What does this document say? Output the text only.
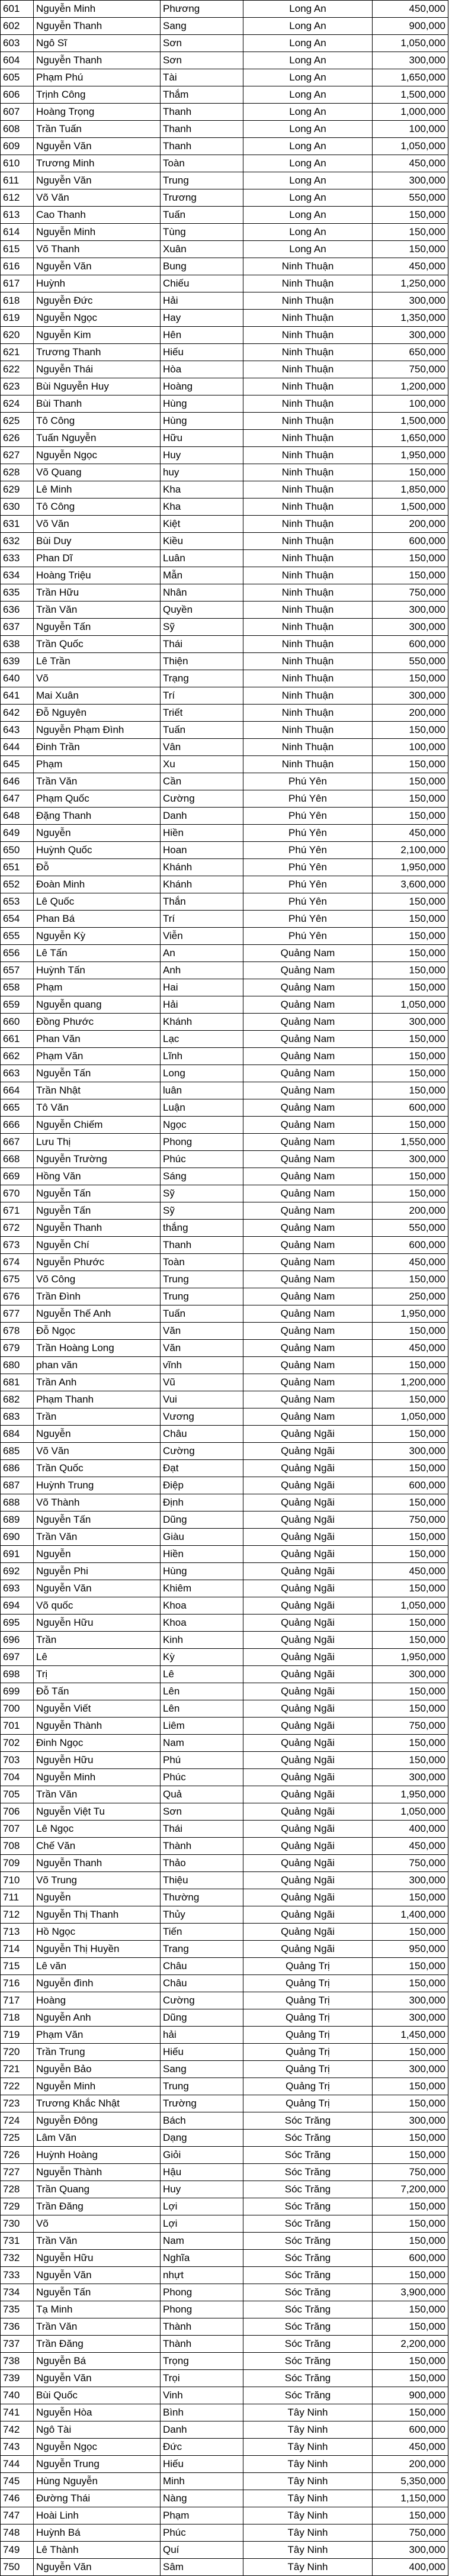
601	Nguyễn Minh	Phương	Long An	450,000
602	Nguyễn Thanh	Sang	Long An	900,000
603	Ngô Sĩ	Sơn	Long An	1,050,000
604	Nguyễn Thanh	Sơn	Long An	300,000
605	Phạm Phú	Tài	Long An	1,650,000
606	Trịnh Công	Thắm	Long An	1,500,000
607	Hoàng Trọng	Thanh	Long An	1,000,000
608	Trần Tuấn	Thanh	Long An	100,000
609	Nguyễn Văn	Thanh	Long An	1,050,000
610	Trương Minh	Toàn	Long An	450,000
611	Nguyễn Văn	Trung	Long An	300,000
612	Võ Văn	Trương	Long An	550,000
613	Cao Thanh	Tuấn	Long An	150,000
614	Nguyễn Minh	Tùng	Long An	150,000
615	Võ Thanh	Xuân	Long An	150,000
616	Nguyễn Văn	Bung	Ninh Thuận	450,000
617	Huỳnh	Chiếu	Ninh Thuận	1,250,000
618	Nguyễn Đức	Hải	Ninh Thuận	300,000
619	Nguyễn Ngọc	Hay	Ninh Thuận	1,350,000
620	Nguyễn Kim	Hên	Ninh Thuận	300,000
621	Trương Thanh	Hiếu	Ninh Thuận	650,000
622	Nguyễn Thái	Hòa	Ninh Thuận	750,000
623	Bùi Nguyễn Huy	Hoàng	Ninh Thuận	1,200,000
624	Bùi Thanh	Hùng	Ninh Thuận	100,000
625	Tô Công	Hùng	Ninh Thuận	1,500,000
626	Tuấn Nguyễn	Hữu	Ninh Thuận	1,650,000
627	Nguyễn Ngọc	Huy	Ninh Thuận	1,950,000
628	Võ Quang	huy	Ninh Thuận	150,000
629	Lê Minh	Kha	Ninh Thuận	1,850,000
630	Tô Công	Kha	Ninh Thuận	1,500,000
631	Võ Văn	Kiệt	Ninh Thuận	200,000
632	Bùi Duy	Kiều	Ninh Thuận	600,000
633	Phan Dĩ	Luân	Ninh Thuận	150,000
634	Hoàng Triệu	Mẫn	Ninh Thuận	150,000
635	Trần Hữu	Nhân	Ninh Thuận	750,000
636	Trần Văn	Quyền	Ninh Thuận	300,000
637	Nguyễn Tấn	Sỹ	Ninh Thuận	300,000
638	Trần Quốc	Thái	Ninh Thuận	600,000
639	Lê Trần	Thiện	Ninh Thuận	550,000
640	Võ	Trạng	Ninh Thuận	150,000
641	Mai Xuân	Trí	Ninh Thuận	300,000
642	Đỗ Nguyên	Triết	Ninh Thuận	200,000
643	Nguyễn Phạm Đình	Tuấn	Ninh Thuận	150,000
644	Đinh Trần	Vân	Ninh Thuận	100,000
645	Phạm	Xu	Ninh Thuận	150,000
646	Trần Văn	Cần	Phú Yên	150,000
647	Phạm Quốc	Cường	Phú Yên	150,000
648	Đặng Thanh	Danh	Phú Yên	150,000
649	Nguyễn	Hiền	Phú Yên	450,000
650	Huỳnh Quốc	Hoan	Phú Yên	2,100,000
651	Đỗ	Khánh	Phú Yên	1,950,000
652	Đoàn Minh	Khánh	Phú Yên	3,600,000
653	Lê Quốc	Thắn	Phú Yên	150,000
654	Phan Bá	Trí	Phú Yên	150,000
655	Nguyễn Kỳ	Viễn	Phú Yên	150,000
656	Lê Tấn	An	Quảng Nam	150,000
657	Huỳnh Tấn	Anh	Quảng Nam	150,000
658	Phạm	Hai	Quảng Nam	150,000
659	Nguyễn quang	Hải	Quảng Nam	1,050,000
660	Đồng Phước	Khánh	Quảng Nam	300,000
661	Phan Văn	Lạc	Quảng Nam	150,000
662	Phạm Văn	Lĩnh	Quảng Nam	150,000
663	Nguyễn Tấn	Long	Quảng Nam	150,000
664	Trần Nhật	luân	Quảng Nam	150,000
665	Tô Văn	Luận	Quảng Nam	600,000
666	Nguyễn Chiếm	Ngọc	Quảng Nam	150,000
667	Lưu Thị	Phong	Quảng Nam	1,550,000
668	Nguyễn Trường	Phúc	Quảng Nam	300,000
669	Hồng Văn	Sáng	Quảng Nam	150,000
670	Nguyễn Tấn	Sỹ	Quảng Nam	150,000
671	Nguyễn Tấn	Sỹ	Quảng Nam	200,000
672	Nguyễn Thanh	thắng	Quảng Nam	550,000
673	Nguyễn Chí	Thanh	Quảng Nam	600,000
674	Nguyễn Phước	Toàn	Quảng Nam	450,000
675	Võ Công	Trung	Quảng Nam	150,000
676	Trần Đình	Trung	Quảng Nam	250,000
677	Nguyễn Thế Anh	Tuấn	Quảng Nam	1,950,000
678	Đỗ Ngọc	Văn	Quảng Nam	150,000
679	Trần Hoàng Long	Văn	Quảng Nam	450,000
680	phan văn	vĩnh	Quảng Nam	150,000
681	Trần Anh	Vũ	Quảng Nam	1,200,000
682	Phạm Thanh	Vui	Quảng Nam	150,000
683	Trần	Vương	Quảng Nam	1,050,000
684	Nguyễn	Châu	Quảng Ngãi	150,000
685	Võ Văn	Cường	Quảng Ngãi	300,000
686	Trần Quốc	Đạt	Quảng Ngãi	150,000
687	Huỳnh Trung	Điệp	Quảng Ngãi	600,000
688	Võ Thành	Định	Quảng Ngãi	150,000
689	Nguyễn Tấn	Dũng	Quảng Ngãi	750,000
690	Trần Văn	Giàu	Quảng Ngãi	150,000
691	Nguyễn	Hiền	Quảng Ngãi	150,000
692	Nguyễn Phi	Hùng	Quảng Ngãi	450,000
693	Nguyễn Văn	Khiêm	Quảng Ngãi	150,000
694	Võ quốc	Khoa	Quảng Ngãi	1,050,000
695	Nguyễn Hữu	Khoa	Quảng Ngãi	150,000
696	Trần	Kinh	Quảng Ngãi	150,000
697	Lê	Kỳ	Quảng Ngãi	1,950,000
698	Trị	Lê	Quảng Ngãi	300,000
699	Đỗ Tấn	Lên	Quảng Ngãi	150,000
700	Nguyễn Viết	Lên	Quảng Ngãi	150,000
701	Nguyễn Thành	Liêm	Quảng Ngãi	750,000
702	Đinh Ngọc	Nam	Quảng Ngãi	150,000
703	Nguyễn Hữu	Phú	Quảng Ngãi	150,000
704	Nguyễn Minh	Phúc	Quảng Ngãi	300,000
705	Trần Văn	Quả	Quảng Ngãi	1,950,000
706	Nguyễn Việt Tu	Sơn	Quảng Ngãi	1,050,000
707	Lê Ngọc	Thái	Quảng Ngãi	400,000
708	Chế Văn	Thành	Quảng Ngãi	450,000
709	Nguyễn Thanh	Thảo	Quảng Ngãi	750,000
710	Võ Trung	Thiệu	Quảng Ngãi	300,000
711	Nguyễn	Thường	Quảng Ngãi	150,000
712	Nguyễn Thị Thanh	Thủy	Quảng Ngãi	1,400,000
713	Hồ Ngọc	Tiến	Quảng Ngãi	150,000
714	Nguyễn Thị Huyền	Trang	Quảng Ngãi	950,000
715	Lê văn	Châu	Quảng Trị	150,000
716	Nguyễn đình	Châu	Quảng Trị	150,000
717	Hoàng	Cường	Quảng Trị	300,000
718	Nguyễn Anh	Dũng	Quảng Trị	300,000
719	Phạm Văn	hải	Quảng Trị	1,450,000
720	Trần Trung	Hiếu	Quảng Trị	150,000
721	Nguyễn Bảo	Sang	Quảng Trị	300,000
722	Nguyễn Minh	Trung	Quảng Trị	150,000
723	Trương Khắc Nhật	Trường	Quảng Trị	150,000
724	Nguyễn Đông	Bách	Sóc Trăng	300,000
725	Lâm Văn	Dạng	Sóc Trăng	150,000
726	Huỳnh Hoàng	Giỏi	Sóc Trăng	150,000
727	Nguyễn Thành	Hậu	Sóc Trăng	750,000
728	Trần Quang	Huy	Sóc Trăng	7,200,000
729	Trần Đăng	Lợi	Sóc Trăng	150,000
730	Võ	Lợi	Sóc Trăng	150,000
731	Trần Văn	Nam	Sóc Trăng	150,000
732	Nguyễn Hữu	Nghĩa	Sóc Trăng	600,000
733	Nguyễn Văn	nhựt	Sóc Trăng	150,000
734	Nguyễn Tấn	Phong	Sóc Trăng	3,900,000
735	Tạ Minh	Phong	Sóc Trăng	150,000
736	Trần Văn	Thành	Sóc Trăng	150,000
737	Trần Đăng	Thành	Sóc Trăng	2,200,000
738	Nguyễn Bá	Trọng	Sóc Trăng	150,000
739	Nguyễn Văn	Trọi	Sóc Trăng	150,000
740	Bùi Quốc	Vinh	Sóc Trăng	900,000
741	Nguyễn Hòa	Bình	Tây Ninh	150,000
742	Ngô Tài	Danh	Tây Ninh	600,000
743	Nguyễn Ngọc	Đức	Tây Ninh	450,000
744	Nguyễn Trung	Hiếu	Tây Ninh	200,000
745	Hùng Nguyễn	Minh	Tây Ninh	5,350,000
746	Đường Thái	Nàng	Tây Ninh	1,150,000
747	Hoài Linh	Phạm	Tây Ninh	150,000
748	Huỳnh Bá	Phúc	Tây Ninh	750,000
749	Lê Thành	Quí	Tây Ninh	300,000
750	Nguyễn Văn	Sâm	Tây Ninh	400,000
